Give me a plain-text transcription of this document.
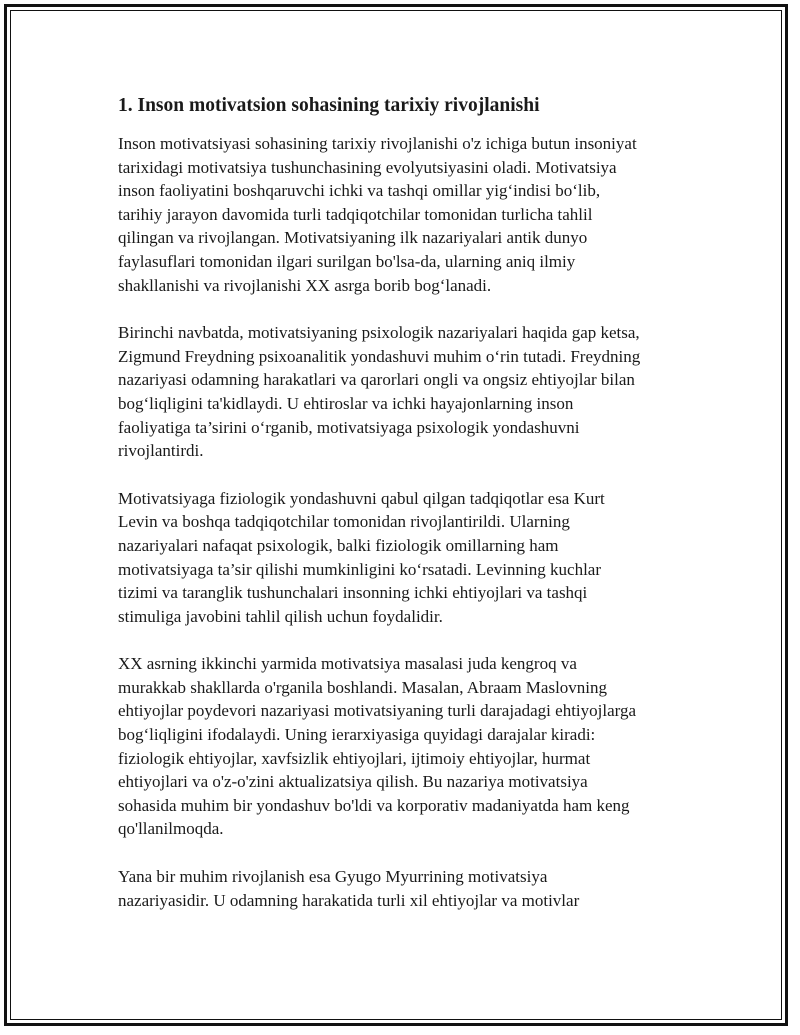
1. Inson motivatsion sohasining tarixiy rivojlanishi
Inson motivatsiyasi sohasining tarixiy rivojlanishi o'z ichiga butun insoniyat
tarixidagi motivatsiya tushunchasining evolyutsiyasini oladi. Motivatsiya
inson faoliyatini boshqaruvchi ichki va tashqi omillar yig‘indisi bo‘lib,
tarihiy jarayon davomida turli tadqiqotchilar tomonidan turlicha tahlil
qilingan va rivojlangan. Motivatsiyaning ilk nazariyalari antik dunyo
faylasuflari tomonidan ilgari surilgan bo'lsa-da, ularning aniq ilmiy
shakllanishi va rivojlanishi XX asrga borib bog‘lanadi.
Birinchi navbatda, motivatsiyaning psixologik nazariyalari haqida gap ketsa,
Zigmund Freydning psixoanalitik yondashuvi muhim o‘rin tutadi. Freydning
nazariyasi odamning harakatlari va qarorlari ongli va ongsiz ehtiyojlar bilan
bog‘liqligini ta'kidlaydi. U ehtiroslar va ichki hayajonlarning inson
faoliyatiga ta’sirini o‘rganib, motivatsiyaga psixologik yondashuvni
rivojlantirdi.
Motivatsiyaga fiziologik yondashuvni qabul qilgan tadqiqotlar esa Kurt
Levin va boshqa tadqiqotchilar tomonidan rivojlantirildi. Ularning
nazariyalari nafaqat psixologik, balki fiziologik omillarning ham
motivatsiyaga ta’sir qilishi mumkinligini ko‘rsatadi. Levinning kuchlar
tizimi va taranglik tushunchalari insonning ichki ehtiyojlari va tashqi
stimuliga javobini tahlil qilish uchun foydalidir.
XX asrning ikkinchi yarmida motivatsiya masalasi juda kengroq va
murakkab shakllarda o'rganila boshlandi. Masalan, Abraam Maslovning
ehtiyojlar poydevori nazariyasi motivatsiyaning turli darajadagi ehtiyojlarga
bog‘liqligini ifodalaydi. Uning ierarxiyasiga quyidagi darajalar kiradi:
fiziologik ehtiyojlar, xavfsizlik ehtiyojlari, ijtimoiy ehtiyojlar, hurmat
ehtiyojlari va o'z-o'zini aktualizatsiya qilish. Bu nazariya motivatsiya
sohasida muhim bir yondashuv bo'ldi va korporativ madaniyatda ham keng
qo'llanilmoqda.
Yana bir muhim rivojlanish esa Gyugo Myurrining motivatsiya
nazariyasidir. U odamning harakatida turli xil ehtiyojlar va motivlar
